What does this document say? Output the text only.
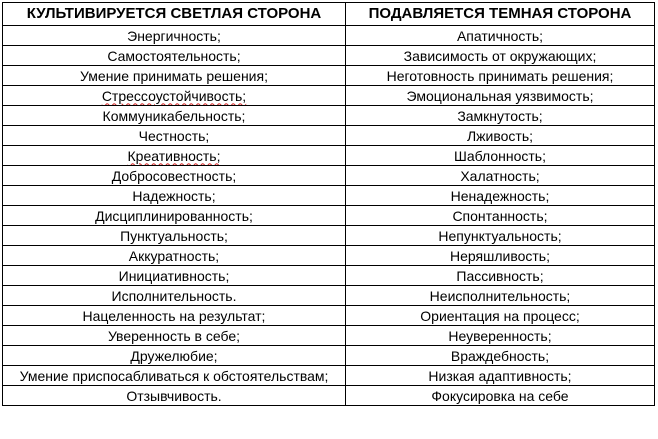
КУЛЬТИВИРУЕТСЯ СВЕТЛАЯ СТОРОНА	ПОДАВЛЯЕТСЯ ТЕМНАЯ СТОРОНА
Энергичность;	Апатичность;
Самостоятельность;	Зависимость от окружающих;
Умение принимать решения;	Неготовность принимать решения;
Стрессоустойчивость;	Эмоциональная уязвимость;
Коммуникабельность;	Замкнутость;
Честность;	Лживость;
Креативность;	Шаблонность;
Добросовестность;	Халатность;
Надежность;	Ненадежность;
Дисциплинированность;	Спонтанность;
Пунктуальность;	Непунктуальность;
Аккуратность;	Неряшливость;
Инициативность;	Пассивность;
Исполнительность.	Неисполнительность;
Нацеленность на результат;	Ориентация на процесс;
Уверенность в себе;	Неуверенность;
Дружелюбие;	Враждебность;
Умение приспосабливаться к обстоятельствам;	Низкая адаптивность;
Отзывчивость.	Фокусировка на себе
